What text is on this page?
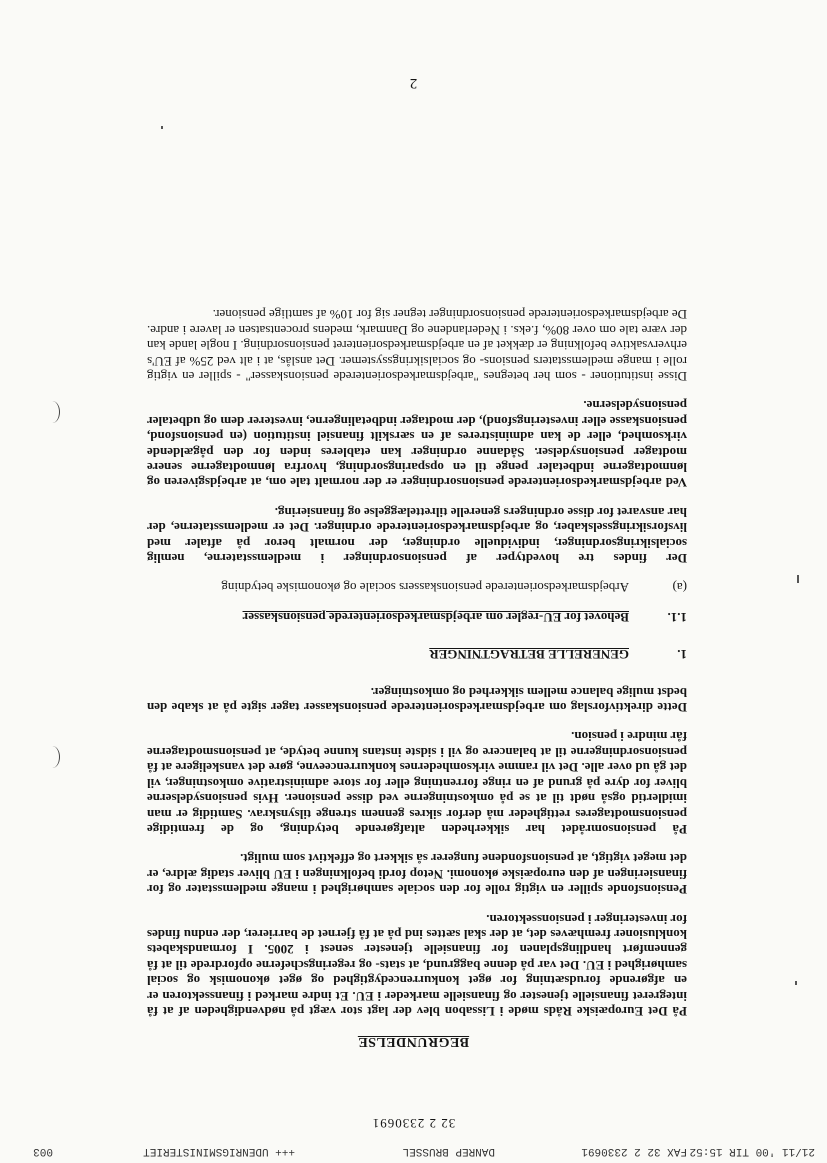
21/11 '00 TIR 15:52
FAX 32 2 2330691
DANREP BRUSSEL
+++ UDENRIGSMINISTERIET
003
32 2 2330691
BEGRUNDELSE

På Det Europæiske Råds møde i Lissabon blev der lagt stor vægt på nødvendigheden af at få integreret finansielle tjenester og finansielle markeder i EU. Et indre marked i finanssektoren er en afgørende forudsætning for øget konkurrencedygtighed og øget økonomisk og social samhørighed i EU. Det var på denne baggrund, at stats- og regeringscheferne opfordrede til at få gennemført handlingsplanen for finansielle tjenester senest i 2005. I formandskabets konklusioner fremhæves det, at der skal sættes ind på at få fjernet de barrierer, der endnu findes for investeringer i pensionssektoren.

Pensionsfonde spiller en vigtig rolle for den sociale samhørighed i mange medlemsstater og for finansieringen af den europæiske økonomi. Netop fordi befolkningen i EU bliver stadig ældre, er det meget vigtigt, at pensionsfondene fungerer så sikkert og effektivt som muligt.

På pensionsområdet har sikkerheden altafgørende betydning, og de fremtidige pensionsmodtageres rettigheder må derfor sikres gennem strenge tilsynskrav. Samtidig er man imidlertid også nødt til at se på omkostningerne ved disse pensioner. Hvis pensionsydelserne bliver for dyre på grund af en ringe forrentning eller for store administrative omkostninger, vil det gå ud over alle. Det vil ramme virksomhedernes konkurrenceevne, gøre det vanskeligere at få pensionsordningerne til at balancere og vil i sidste instans kunne betyde, at pensionsmodtagerne får mindre i pension.

Dette direktivforslag om arbejdsmarkedsorienterede pensionskasser tager sigte på at skabe den bedst mulige balance mellem sikkerhed og omkostninger.

1.
GENERELLE BETRAGTNINGER
1.1.
Behovet for EU-regler om arbejdsmarkedsorienterede pensionskasser
(a)
Arbejdsmarkedsorienterede pensionskassers sociale og økonomiske betydning

Der findes tre hovedtyper af pensionsordninger i medlemsstaterne, nemlig socialsikringsordninger, individuelle ordninger, der normalt beror på aftaler med livsforsikringsselskaber, og arbejdsmarkedsorienterede ordninger. Det er medlemsstaterne, der har ansvaret for disse ordningers generelle tilrettelæggelse og finansiering.

Ved arbejdsmarkedsorienterede pensionsordninger er der normalt tale om, at arbejdsgiveren og lønmodtagerne indbetaler penge til en opsparingsordning, hvorfra lønmodtagerne senere modtager pensionsydelser. Sådanne ordninger kan etableres inden for den pågældende virksomhed, eller de kan administreres af en særskilt finansiel institution (en pensionsfond, pensionskasse eller investeringsfond), der modtager indbetalingerne, investerer dem og udbetaler pensionsydelserne.

Disse institutioner - som her betegnes "arbejdsmarkedsorienterede pensionskasser" - spiller en vigtig rolle i mange medlemsstaters pensions- og socialsikringssystemer. Det anslås, at i alt ved 25% af EU's erhvervsaktive befolkning er dækket af en arbejdsmarkedsorienteret pensionsordning. I nogle lande kan der være tale om over 80%, f.eks. i Nederlandene og Danmark, medens procentsatsen er lavere i andre. De arbejdsmarkedsorienterede pensionsordninger tegner sig for 10% af samtlige pensioner.

2
